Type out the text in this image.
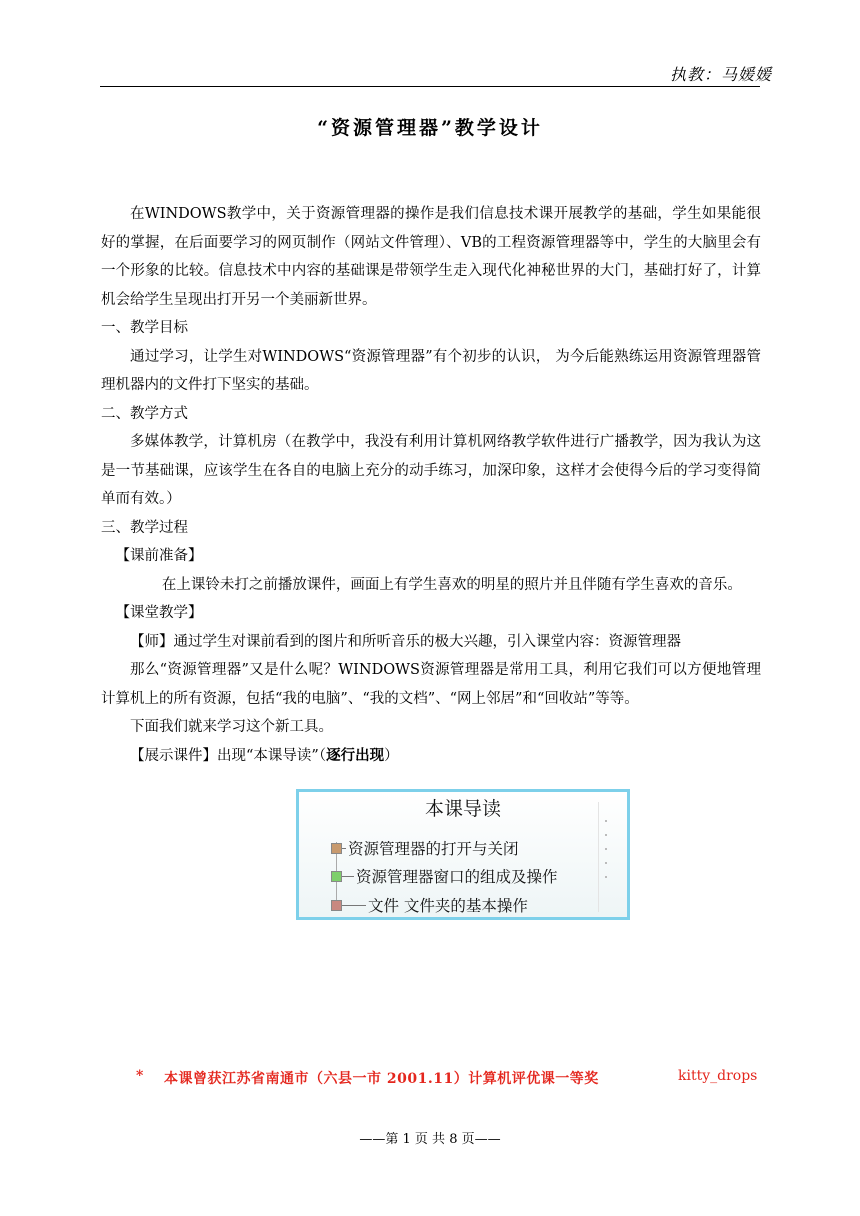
执教：马媛媛
“资源管理器”教学设计

在WINDOWS教学中，关于资源管理器的操作是我们信息技术课开展教学的基础，学生如果能很好的掌握，在后面要学习的网页制作（网站文件管理）、VB的工程资源管理器等中，学生的大脑里会有一个形象的比较。信息技术中内容的基础课是带领学生走入现代化神秘世界的大门，基础打好了，计算机会给学生呈现出打开另一个美丽新世界。

一、教学目标

通过学习，让学生对WINDOWS“资源管理器”有个初步的认识， 为今后能熟练运用资源管理器管理机器内的文件打下坚实的基础。

二、教学方式

多媒体教学，计算机房（在教学中，我没有利用计算机网络教学软件进行广播教学，因为我认为这是一节基础课，应该学生在各自的电脑上充分的动手练习，加深印象，这样才会使得今后的学习变得简单而有效。）

三、教学过程

【课前准备】

在上课铃未打之前播放课件，画面上有学生喜欢的明星的照片并且伴随有学生喜欢的音乐。

【课堂教学】

【师】通过学生对课前看到的图片和所听音乐的极大兴趣，引入课堂内容：资源管理器

那么“资源管理器”又是什么呢？WINDOWS资源管理器是常用工具，利用它我们可以方便地管理计算机上的所有资源，包括“我的电脑”、“我的文档”、“网上邻居”和“回收站”等等。

下面我们就来学习这个新工具。

【展示课件】出现“本课导读”（逐行出现）

本课导读
资源管理器的打开与关闭
资源管理器窗口的组成及操作
文件 文件夹的基本操作
* 本课曾获江苏省南通市（六县一市 2001.11）计算机评优课一等奖	kitty_drops
——第 1 页 共 8 页——
